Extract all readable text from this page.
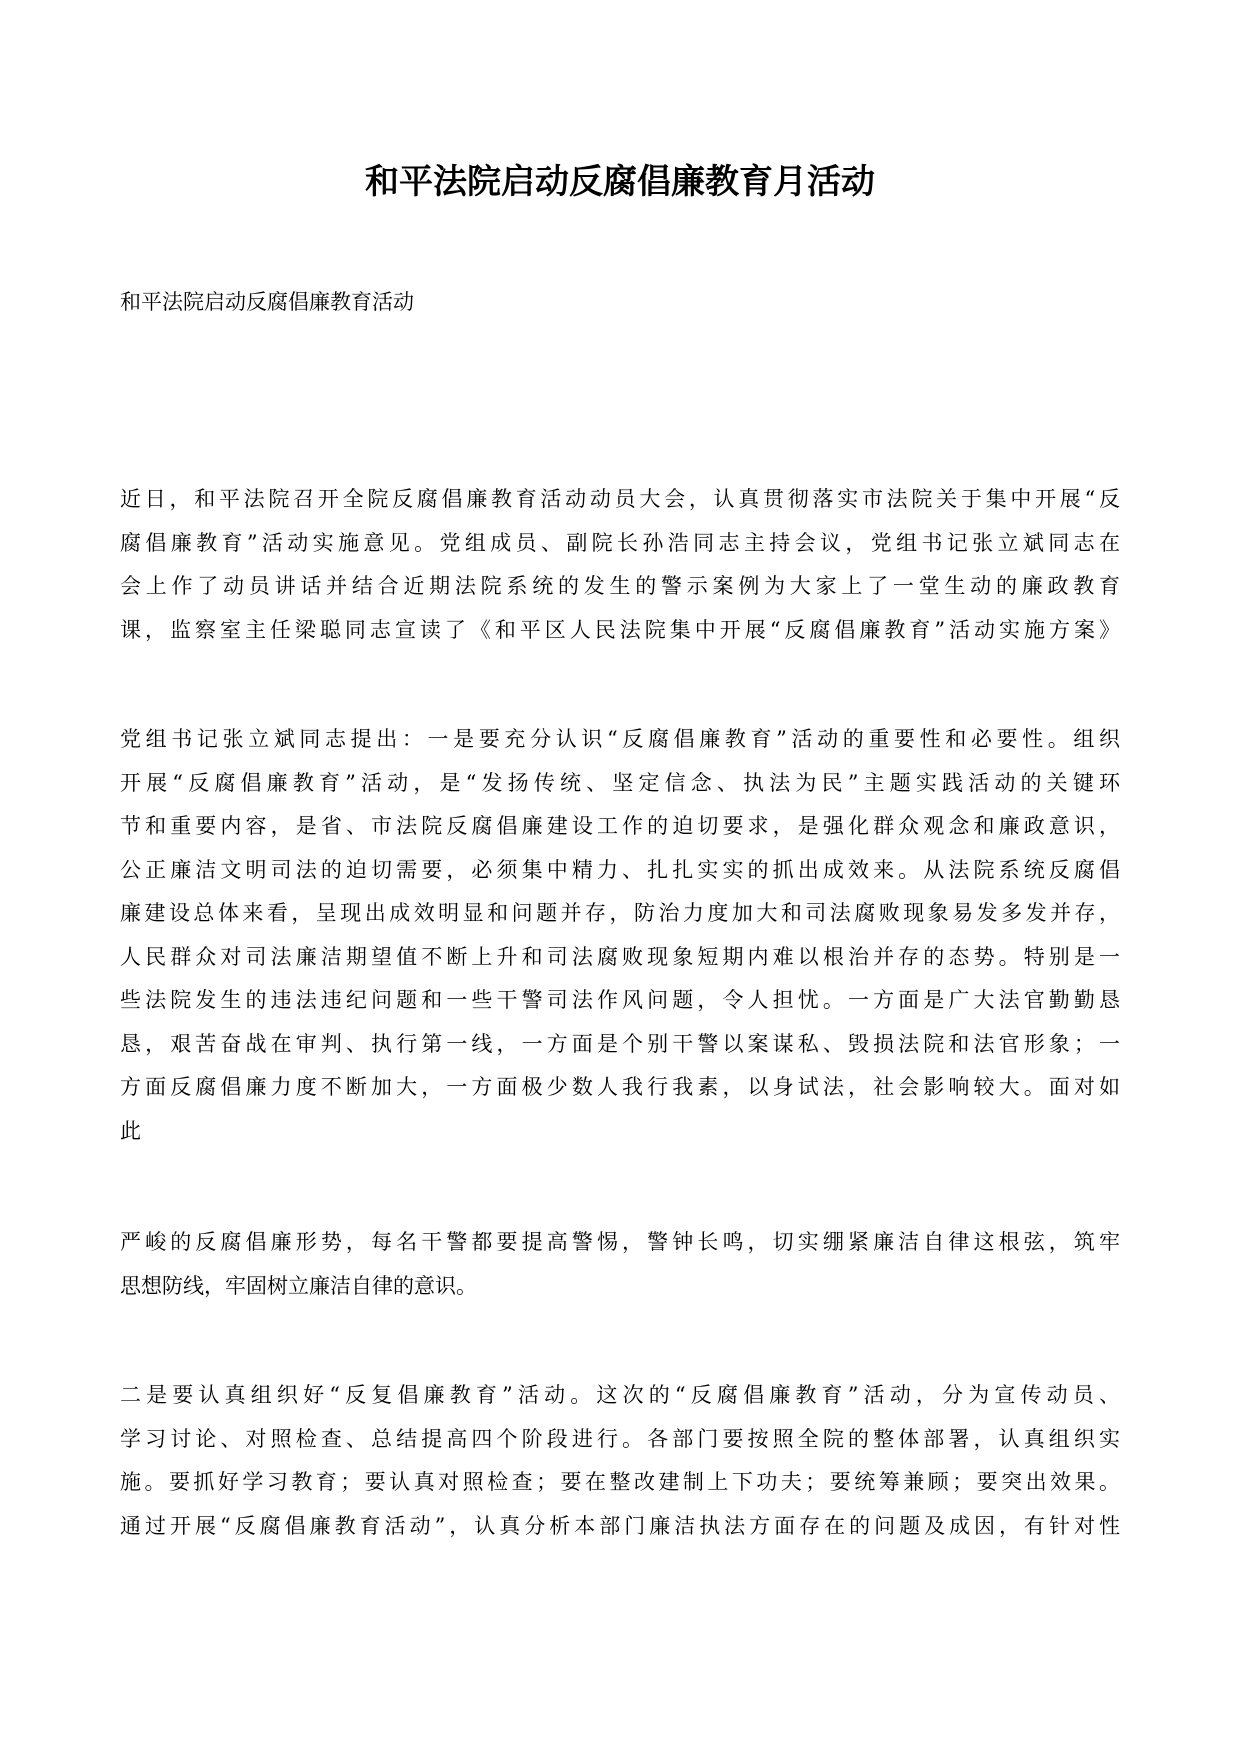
和平法院启动反腐倡廉教育月活动

和平法院启动反腐倡廉教育活动

近日，和平法院召开全院反腐倡廉教育活动动员大会，认真贯彻落实市法院关于集中开展“反
腐倡廉教育”活动实施意见。党组成员、副院长孙浩同志主持会议，党组书记张立斌同志在
会上作了动员讲话并结合近期法院系统的发生的警示案例为大家上了一堂生动的廉政教育
课，监察室主任梁聪同志宣读了《和平区人民法院集中开展“反腐倡廉教育”活动实施方案》
党组书记张立斌同志提出：一是要充分认识“反腐倡廉教育”活动的重要性和必要性。组织
开展“反腐倡廉教育”活动，是“发扬传统、坚定信念、执法为民”主题实践活动的关键环
节和重要内容，是省、市法院反腐倡廉建设工作的迫切要求，是强化群众观念和廉政意识，
公正廉洁文明司法的迫切需要，必须集中精力、扎扎实实的抓出成效来。从法院系统反腐倡
廉建设总体来看，呈现出成效明显和问题并存，防治力度加大和司法腐败现象易发多发并存，
人民群众对司法廉洁期望值不断上升和司法腐败现象短期内难以根治并存的态势。特别是一
些法院发生的违法违纪问题和一些干警司法作风问题，令人担忧。一方面是广大法官勤勤恳
恳，艰苦奋战在审判、执行第一线，一方面是个别干警以案谋私、毁损法院和法官形象；一
方面反腐倡廉力度不断加大，一方面极少数人我行我素，以身试法，社会影响较大。面对如
此
严峻的反腐倡廉形势，每名干警都要提高警惕，警钟长鸣，切实绷紧廉洁自律这根弦，筑牢
思想防线，牢固树立廉洁自律的意识。
二是要认真组织好“反复倡廉教育”活动。这次的“反腐倡廉教育”活动，分为宣传动员、
学习讨论、对照检查、总结提高四个阶段进行。各部门要按照全院的整体部署，认真组织实
施。要抓好学习教育；要认真对照检查；要在整改建制上下功夫；要统筹兼顾；要突出效果。
通过开展“反腐倡廉教育活动”，认真分析本部门廉洁执法方面存在的问题及成因，有针对性
